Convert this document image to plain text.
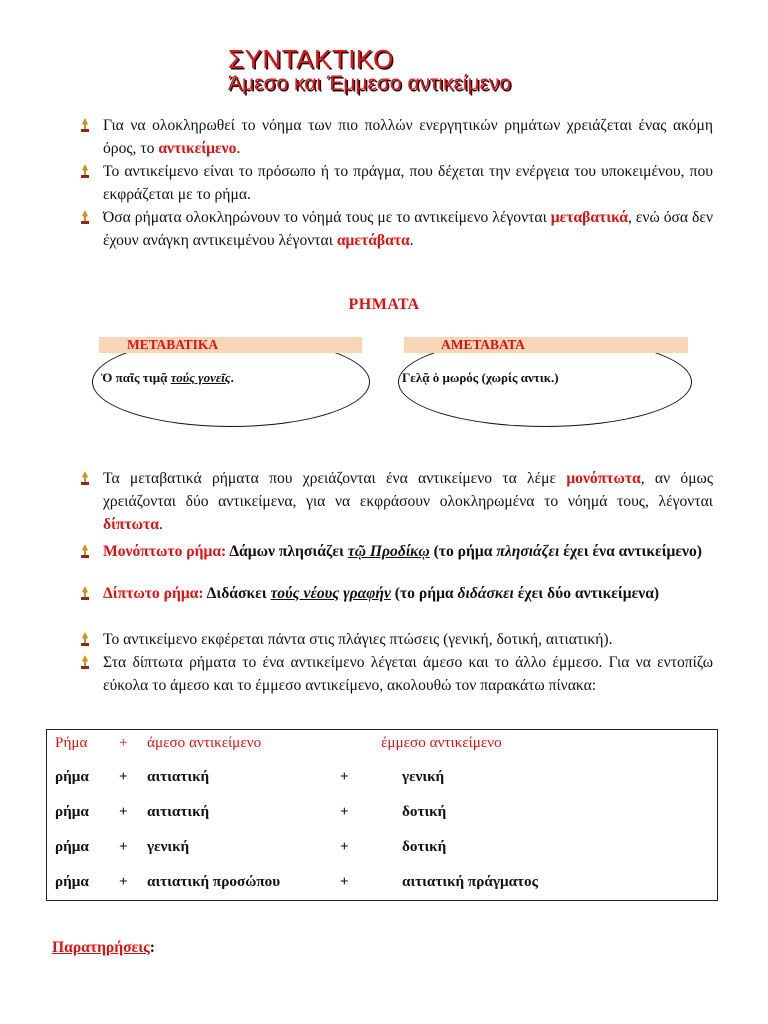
ΣΥΝΤΑΚΤΙΚΟ
Άμεσο και Έμμεσο αντικείμενο
Για να ολοκληρωθεί το νόημα των πιο πολλών ενεργητικών ρημάτων χρειάζεται ένας ακόμη όρος, το αντικείμενο.
Το αντικείμενο είναι το πρόσωπο ή το πράγμα, που δέχεται την ενέργεια του υποκειμένου, που εκφράζεται με το ρήμα.
Όσα ρήματα ολοκληρώνουν το νόημά τους με το αντικείμενο λέγονται μεταβατικά, ενώ όσα δεν έχουν ανάγκη αντικειμένου λέγονται αμετάβατα.
ΡΗΜΑΤΑ
ΜΕΤΑΒΑΤΙΚΑ
Ὁ παῖς τιμᾷ τούς γονεῖς.
ΑΜΕΤΑΒΑΤΑ
Γελᾷ ὁ μωρός (χωρίς αντικ.)
Τα μεταβατικά ρήματα που χρειάζονται ένα αντικείμενο τα λέμε μονόπτωτα, αν όμως χρειάζονται δύο αντικείμενα, για να εκφράσουν ολοκληρωμένα το νόημά τους, λέγονται δίπτωτα.
Μονόπτωτο ρήμα: Δάμων πλησιάζει τῷ Προδίκῳ (το ρήμα πλησιάζει έχει ένα αντικείμενο)
Δίπτωτο ρήμα: Διδάσκει τούς νέους γραφήν (το ρήμα διδάσκει έχει δύο αντικείμενα)
Το αντικείμενο εκφέρεται πάντα στις πλάγιες πτώσεις (γενική, δοτική, αιτιατική).
Στα δίπτωτα ρήματα το ένα αντικείμενο λέγεται άμεσο και το άλλο έμμεσο. Για να εντοπίζω εύκολα το άμεσο και το έμμεσο αντικείμενο, ακολουθώ τον παρακάτω πίνακα:
Ρήμα + άμεσο αντικείμενο	έμμεσο αντικείμενο
ρήμα + αιτιατική	+	γενική
ρήμα + αιτιατική	+	δοτική
ρήμα + γενική	+	δοτική
ρήμα + αιτιατική προσώπου	+	αιτιατική πράγματος
Παρατηρήσεις:
